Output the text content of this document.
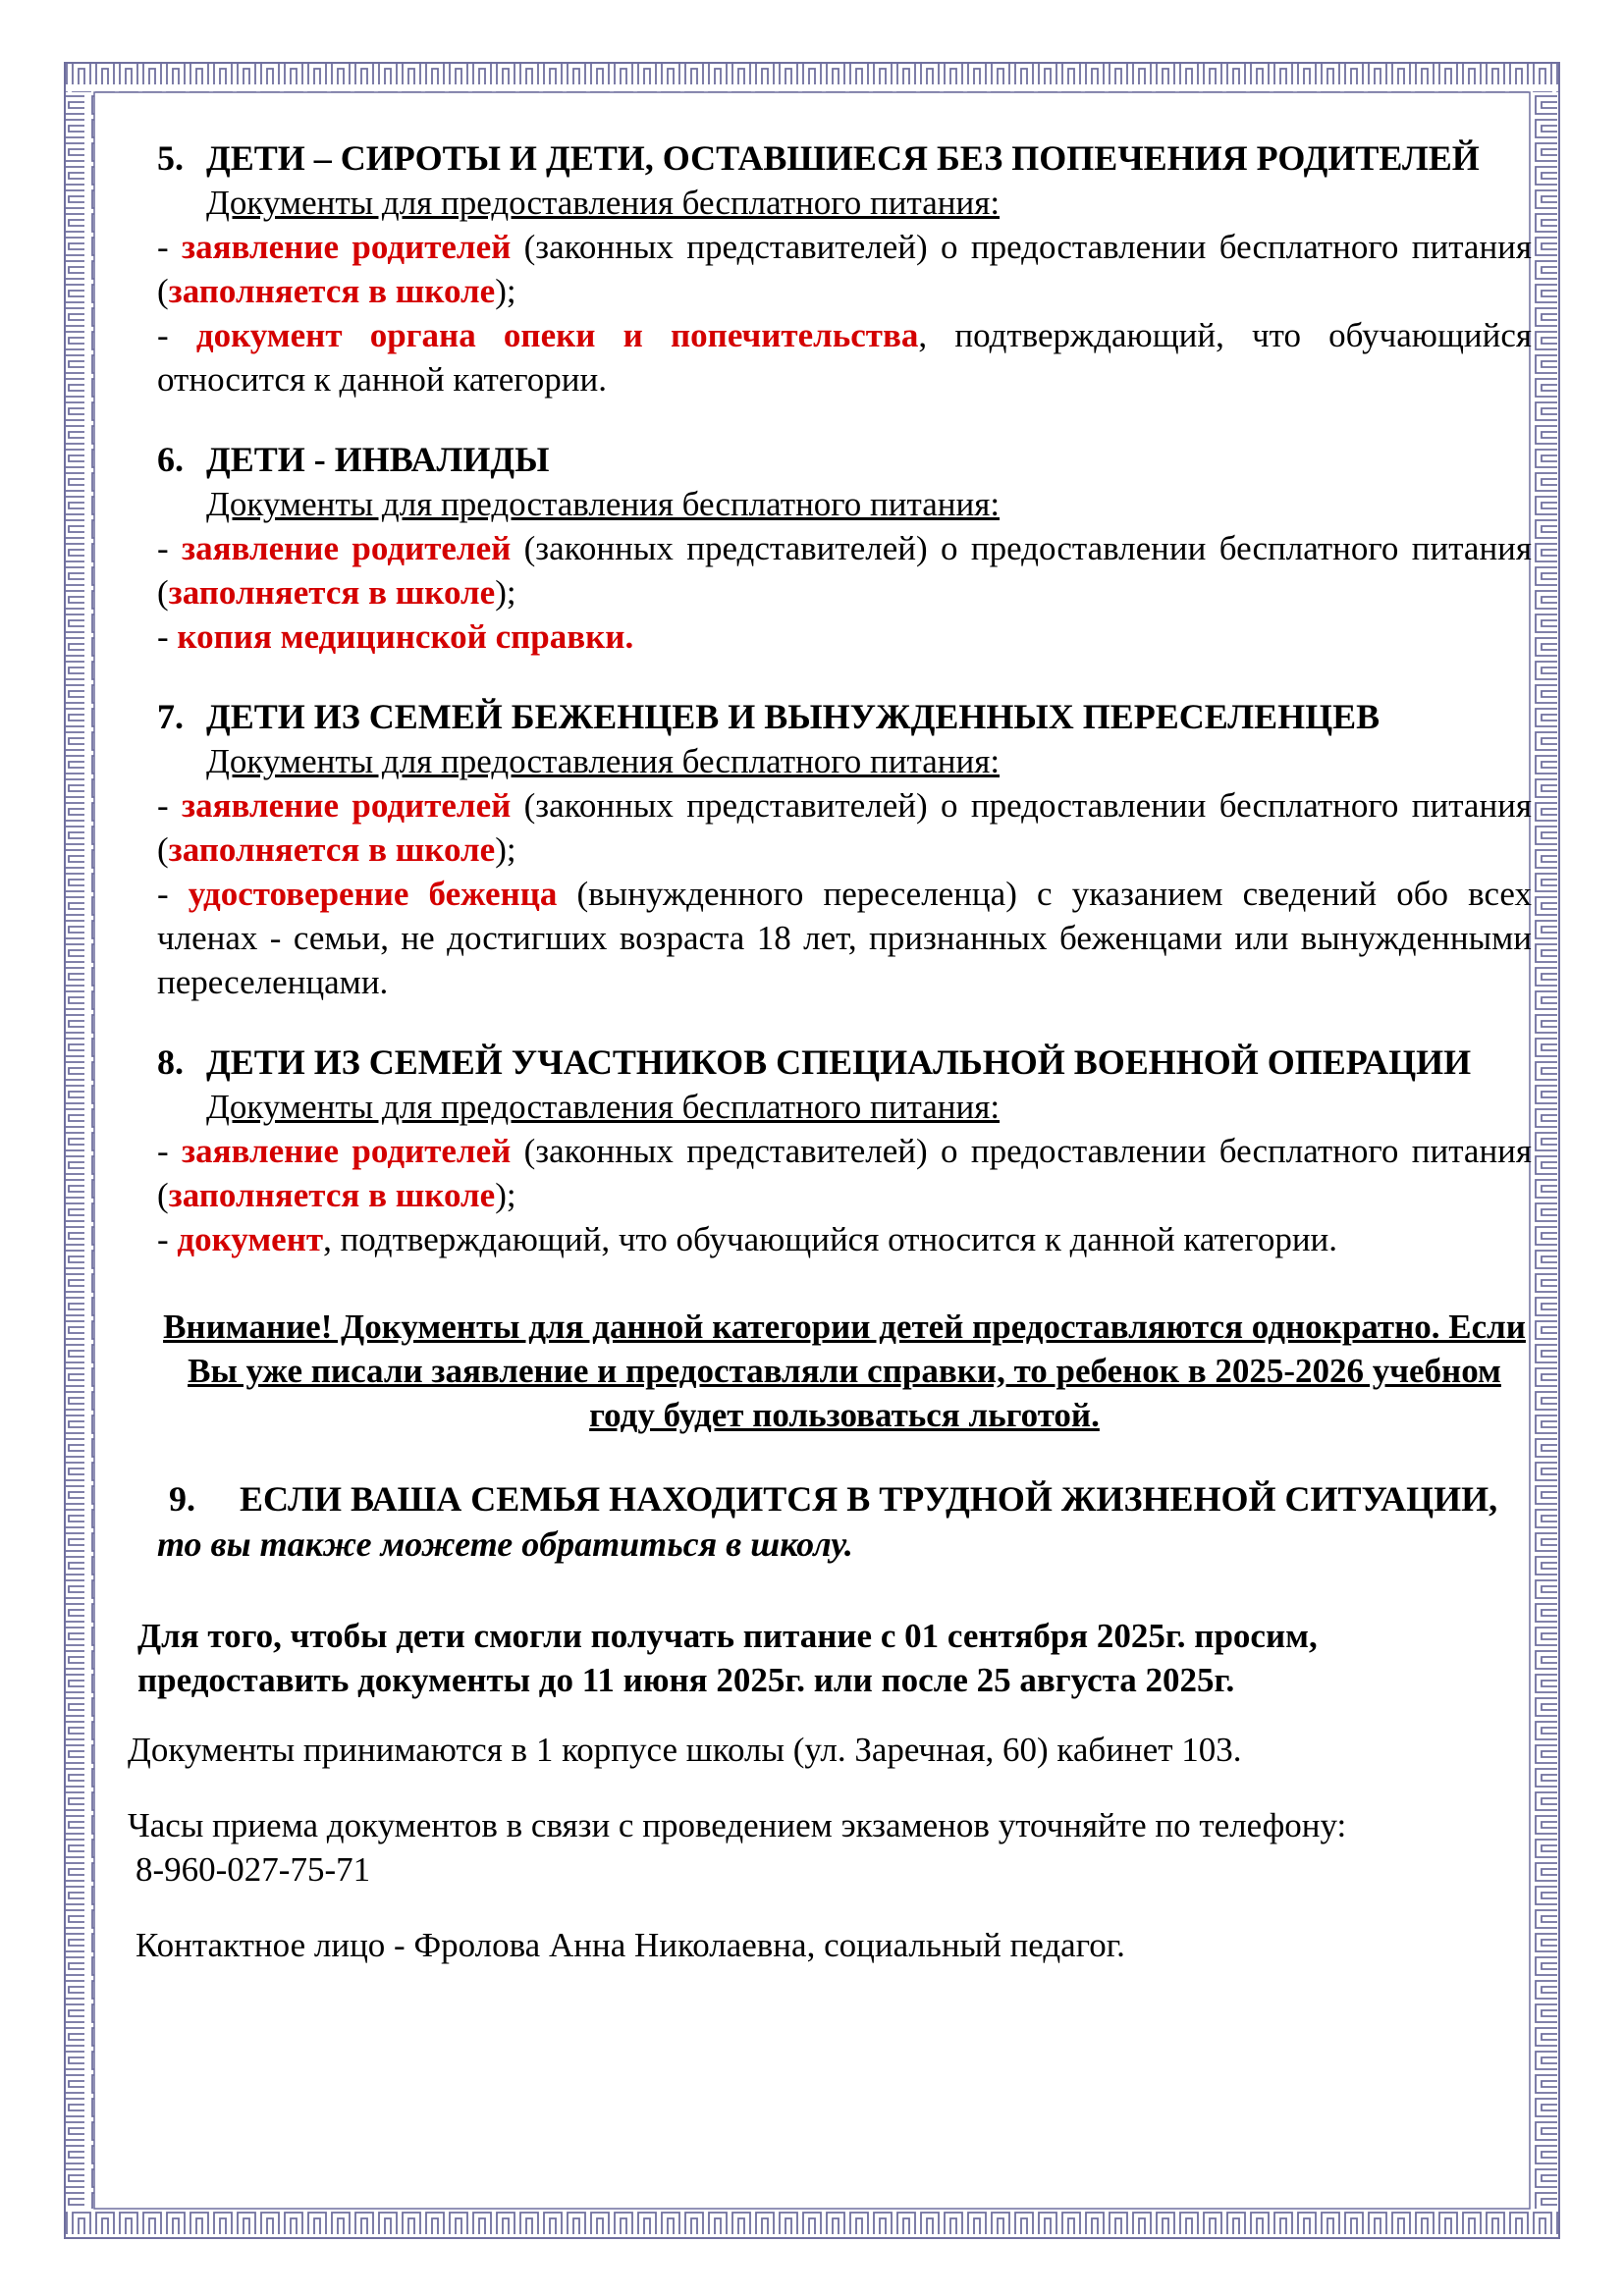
5. ДЕТИ – СИРОТЫ И ДЕТИ, ОСТАВШИЕСЯ БЕЗ ПОПЕЧЕНИЯ РОДИТЕЛЕЙ
Документы для предоставления бесплатного питания:
- заявление родителей (законных представителей) о предоставлении бесплатного питания (заполняется в школе);
- документ органа опеки и попечительства, подтверждающий, что обучающийся относится к данной категории.
6. ДЕТИ - ИНВАЛИДЫ
Документы для предоставления бесплатного питания:
- заявление родителей (законных представителей) о предоставлении бесплатного питания (заполняется в школе);
- копия медицинской справки.
7. ДЕТИ ИЗ СЕМЕЙ БЕЖЕНЦЕВ И ВЫНУЖДЕННЫХ ПЕРЕСЕЛЕНЦЕВ
Документы для предоставления бесплатного питания:
- заявление родителей (законных представителей) о предоставлении бесплатного питания (заполняется в школе);
- удостоверение беженца (вынужденного переселенца) с указанием сведений обо всех членах - семьи, не достигших возраста 18 лет, признанных беженцами или вынужденными переселенцами.
8. ДЕТИ ИЗ СЕМЕЙ УЧАСТНИКОВ СПЕЦИАЛЬНОЙ ВОЕННОЙ ОПЕРАЦИИ
Документы для предоставления бесплатного питания:
- заявление родителей (законных представителей) о предоставлении бесплатного питания (заполняется в школе);
- документ, подтверждающий, что обучающийся относится к данной категории.
Внимание! Документы для данной категории детей предоставляются однократно. Если Вы уже писали заявление и предоставляли справки, то ребенок в 2025-2026 учебном году будет пользоваться льготой.
9. ЕСЛИ ВАША СЕМЬЯ НАХОДИТСЯ В ТРУДНОЙ ЖИЗНЕНОЙ СИТУАЦИИ, то вы также можете обратиться в школу.
Для того, чтобы дети смогли получать питание с 01 сентября 2025г. просим, предоставить документы до 11 июня 2025г. или после 25 августа 2025г.
Документы принимаются в 1 корпусе школы (ул. Заречная, 60) кабинет 103.
Часы приема документов в связи с проведением экзаменов уточняйте по телефону:
8-960-027-75-71
Контактное лицо - Фролова Анна Николаевна, социальный педагог.
